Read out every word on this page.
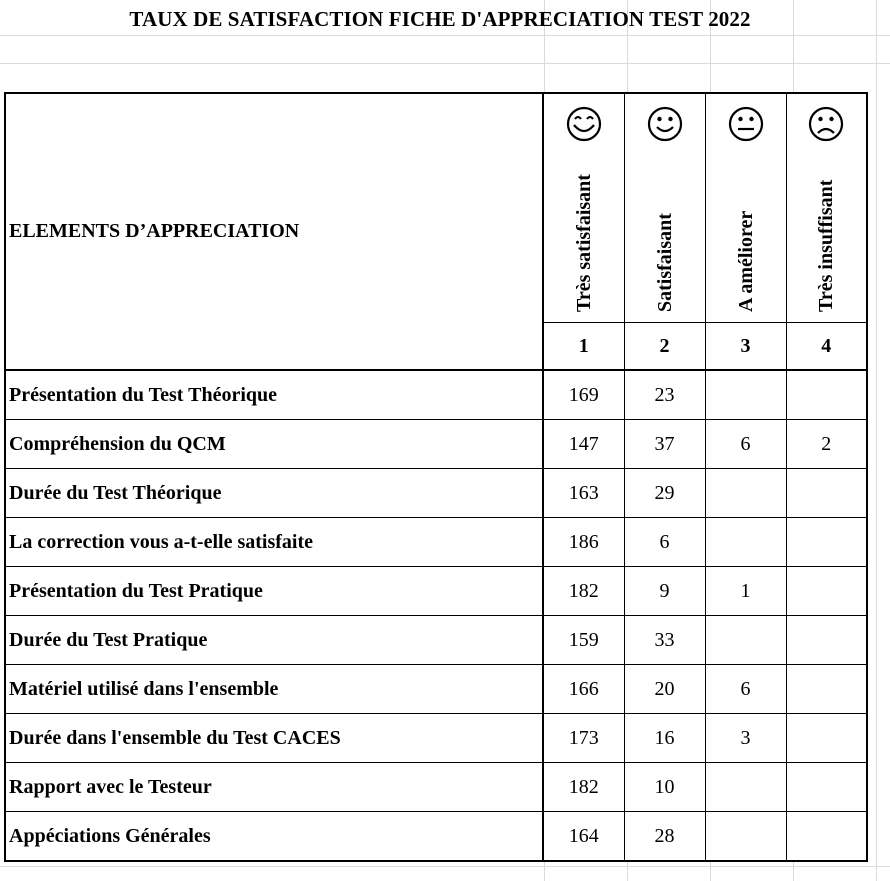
TAUX DE SATISFACTION FICHE D'APPRECIATION TEST 2022
ELEMENTS D’APPRECIATION	Très satisfaisant	Satisfaisant	A améliorer	Très insuffisant

	1	2	3	4
Présentation du Test Théorique	169	23		
Compréhension du QCM	147	37	6	2
Durée du Test Théorique	163	29		
La correction vous a-t-elle satisfaite	186	6		
Présentation du Test Pratique	182	9	1	
Durée du Test Pratique	159	33		
Matériel utilisé dans l'ensemble	166	20	6	
Durée dans l'ensemble du Test CACES	173	16	3	
Rapport avec le Testeur	182	10		
Appéciations Générales	164	28		
